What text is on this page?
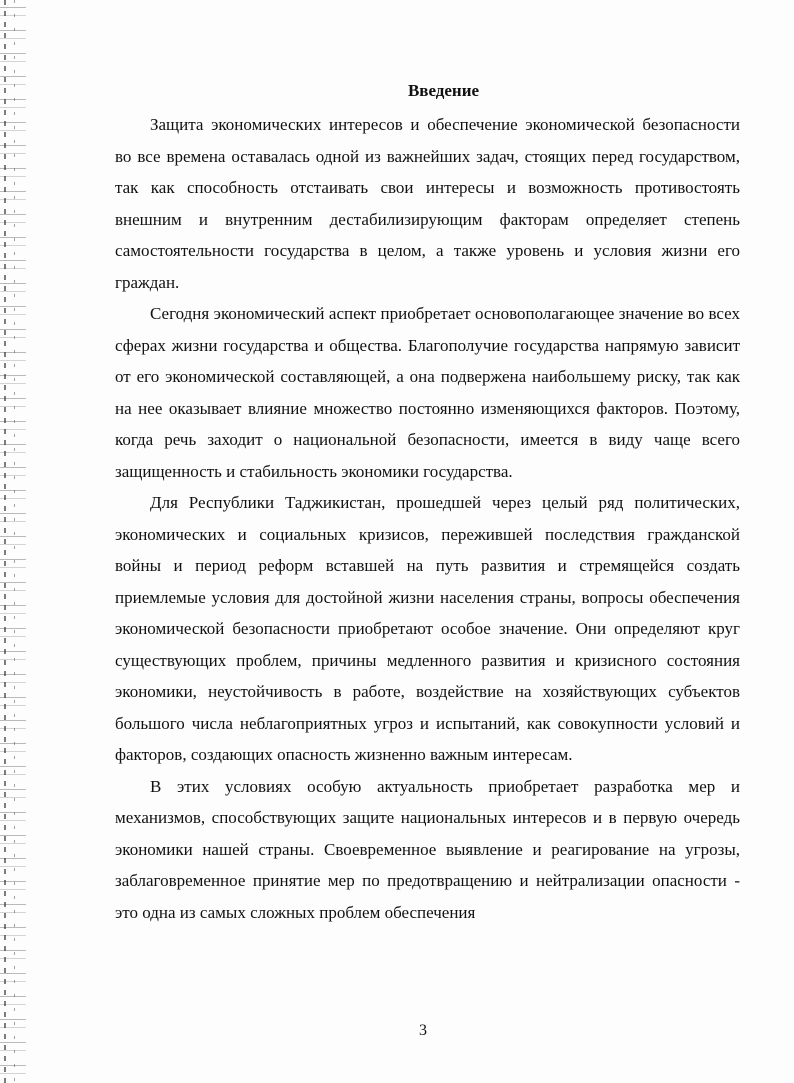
Введение

Защита экономических интересов и обеспечение экономической безопасности во все времена оставалась одной из важнейших задач, стоящих перед государством, так как способность отстаивать свои интересы и возможность противостоять внешним и внутренним дестабилизирующим факторам определяет степень самостоятельности государства в целом, а также уровень и условия жизни его граждан.

Сегодня экономический аспект приобретает основополагающее значение во всех сферах жизни государства и общества. Благополучие государства напрямую зависит от его экономической составляющей, а она подвержена наибольшему риску, так как на нее оказывает влияние множество постоянно изменяющихся факторов. Поэтому, когда речь заходит о национальной безопасности, имеется в виду чаще всего защищенность и стабильность экономики государства.

Для Республики Таджикистан, прошедшей через целый ряд политических, экономических и социальных кризисов, пережившей последствия гражданской войны и период реформ вставшей на путь развития и стремящейся создать приемлемые условия для достойной жизни населения страны, вопросы обеспечения экономической безопасности приобретают особое значение. Они определяют круг существующих проблем, причины медленного развития и кризисного состояния экономики, неустойчивость в работе, воздействие на хозяйствующих субъектов большого числа неблагоприятных угроз и испытаний, как совокупности условий и факторов, создающих опасность жизненно важным интересам.

В этих условиях особую актуальность приобретает разработка мер и механизмов, способствующих защите национальных интересов и в первую очередь экономики нашей страны. Своевременное выявление и реагирование на угрозы, заблаговременное принятие мер по предотвращению и нейтрализации опасности - это одна из самых сложных проблем обеспечения

3
